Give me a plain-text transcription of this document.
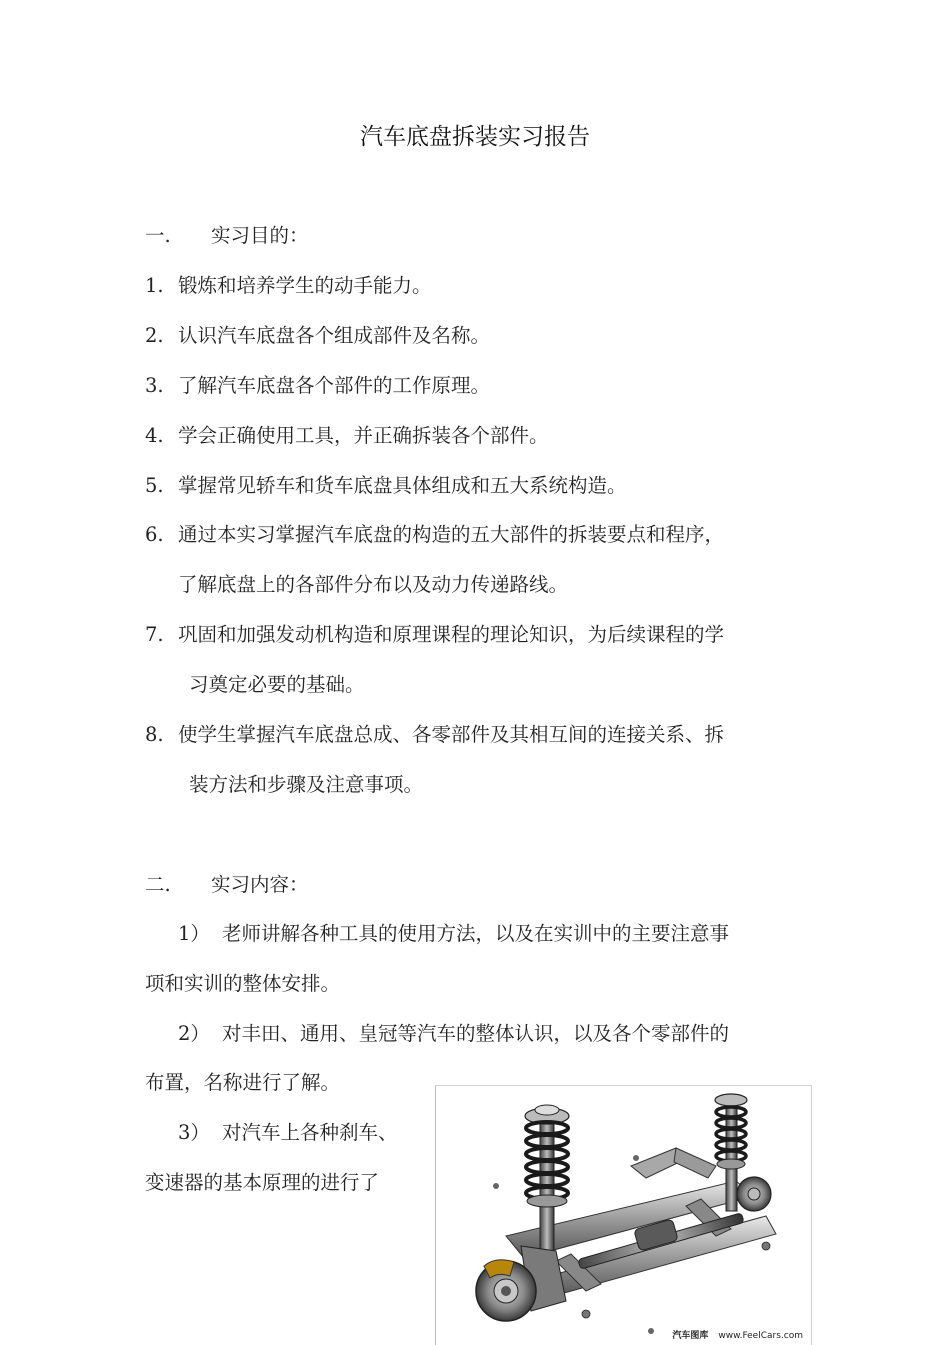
汽车底盘拆装实习报告
一. 实习目的：
1. 锻炼和培养学生的动手能力。
2. 认识汽车底盘各个组成部件及名称。
3. 了解汽车底盘各个部件的工作原理。
4. 学会正确使用工具，并正确拆装各个部件。
5. 掌握常见轿车和货车底盘具体组成和五大系统构造。
6. 通过本实习掌握汽车底盘的构造的五大部件的拆装要点和程序，
了解底盘上的各部件分布以及动力传递路线。
7. 巩固和加强发动机构造和原理课程的理论知识，为后续课程的学
习奠定必要的基础。
8. 使学生掌握汽车底盘总成、各零部件及其相互间的连接关系、拆
装方法和步骤及注意事项。
二. 实习内容：
1） 老师讲解各种工具的使用方法，以及在实训中的主要注意事
项和实训的整体安排。
2） 对丰田、通用、皇冠等汽车的整体认识，以及各个零部件的
布置，名称进行了解。
3） 对汽车上各种刹车、
变速器的基本原理的进行了
汽车图库 www.FeelCars.com
